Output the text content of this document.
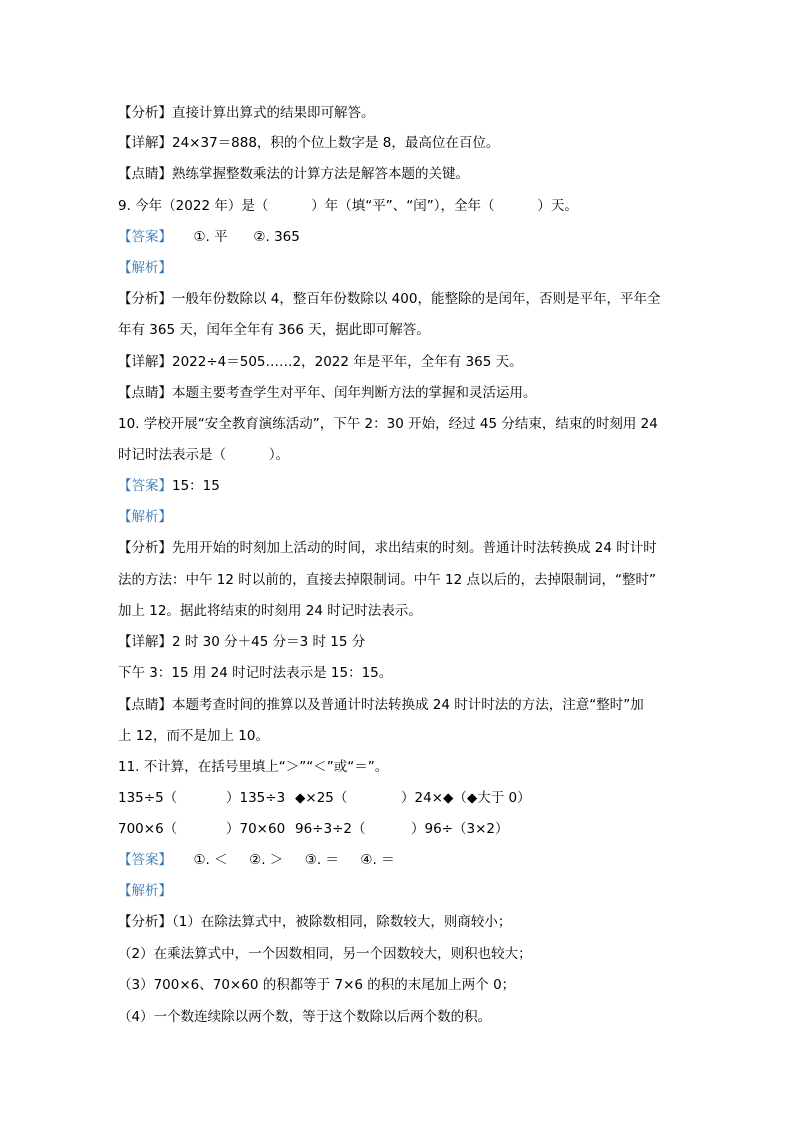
【分析】直接计算出算式的结果即可解答。
【详解】24×37＝888，积的个位上数字是 8，最高位在百位。
【点睛】熟练掌握整数乘法的计算方法是解答本题的关键。
9. 今年（2022 年）是（          ）年（填“平”、“闰”），全年（          ）天。
【答案】     ①. 平      ②. 365
【解析】
【分析】一般年份数除以 4，整百年份数除以 400，能整除的是闰年，否则是平年，平年全
年有 365 天，闰年全年有 366 天，据此即可解答。
【详解】2022÷4＝505……2，2022 年是平年，全年有 365 天。
【点睛】本题主要考查学生对平年、闰年判断方法的掌握和灵活运用。
10. 学校开展“安全教育演练活动”，下午 2：30 开始，经过 45 分结束，结束的时刻用 24
时记时法表示是（          ）。
【答案】15：15
【解析】
【分析】先用开始的时刻加上活动的时间，求出结束的时刻。普通计时法转换成 24 时计时
法的方法：中午 12 时以前的，直接去掉限制词。中午 12 点以后的，去掉限制词，“整时”
加上 12。据此将结束的时刻用 24 时记时法表示。
【详解】2 时 30 分＋45 分＝3 时 15 分
下午 3：15 用 24 时记时法表示是 15：15。
【点睛】本题考查时间的推算以及普通计时法转换成 24 时计时法的方法，注意“整时”加
上 12，而不是加上 10。
11. 不计算，在括号里填上“＞”“＜”或“＝”。
135÷5（	）135÷3 ◆×25（	）24×◆（◆大于 0）
700×6（	）70×60 96÷3÷2（	）96÷（3×2）
【答案】     ①. ＜     ②. ＞     ③. ＝     ④. ＝
【解析】
【分析】（1）在除法算式中，被除数相同，除数较大，则商较小；
（2）在乘法算式中，一个因数相同，另一个因数较大，则积也较大；
（3）700×6、70×60 的积都等于 7×6 的积的末尾加上两个 0；
（4）一个数连续除以两个数，等于这个数除以后两个数的积。
